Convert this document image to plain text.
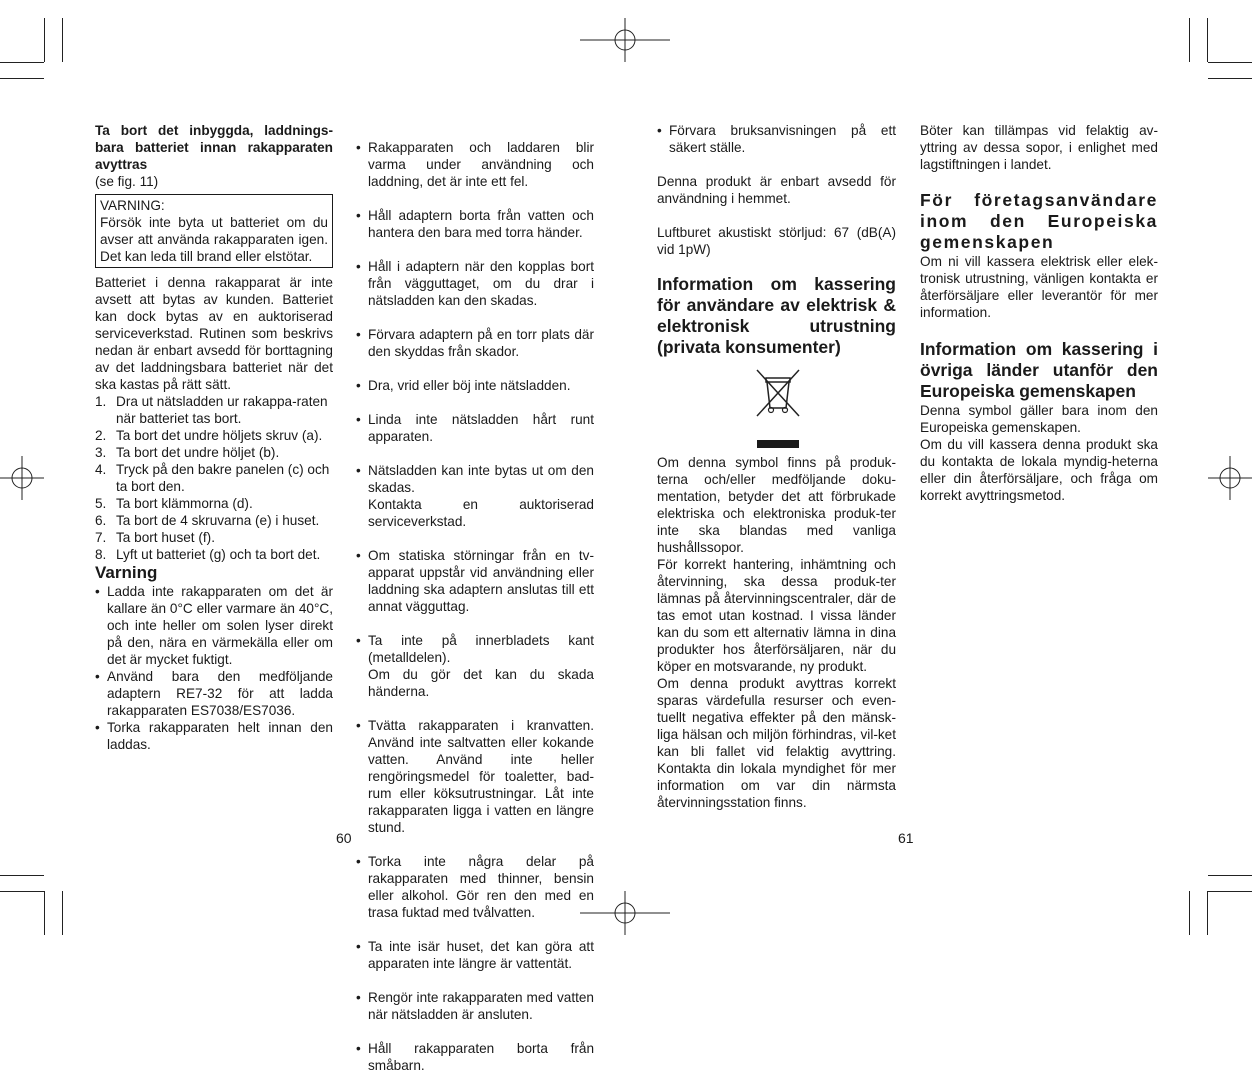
Ta bort det inbyggda, laddnings-bara batteriet innan rakapparaten avyttras

(se fig. 11)

VARNING:

Försök inte byta ut batteriet om du avser att använda rakapparaten igen. Det kan leda till brand eller elstötar.

Batteriet i denna rakapparat är inte avsett att bytas av kunden. Batteriet kan dock bytas av en auktoriserad serviceverkstad. Rutinen som beskrivs nedan är enbart avsedd för borttagning av det laddningsbara batteriet när det ska kastas på rätt sätt.

1. Dra ut nätsladden ur rakappa-raten när batteriet tas bort.
2. Ta bort det undre höljets skruv (a).
3. Ta bort det undre höljet (b).
4. Tryck på den bakre panelen (c) och ta bort den.
5. Ta bort klämmorna (d).
6. Ta bort de 4 skruvarna (e) i huset.
7. Ta bort huset (f).
8. Lyft ut batteriet (g) och ta bort det.

Varning

• Ladda inte rakapparaten om det är kallare än 0°C eller varmare än 40°C, och inte heller om solen lyser direkt på den, nära en värmekälla eller om det är mycket fuktigt.
• Använd bara den medföljande adaptern RE7-32 för att ladda rakapparaten ES7038/ES7036.
• Torka rakapparaten helt innan den laddas.

• Rakapparaten och laddaren blir varma under användning och laddning, det är inte ett fel.

• Håll adaptern borta från vatten och hantera den bara med torra händer.

• Håll i adaptern när den kopplas bort från vägguttaget, om du drar i nätsladden kan den skadas.

• Förvara adaptern på en torr plats där den skyddas från skador.

• Dra, vrid eller böj inte nätsladden.

• Linda inte nätsladden hårt runt apparaten.

• Nätsladden kan inte bytas ut om den skadas.
Kontakta en auktoriserad serviceverkstad.

• Om statiska störningar från en tv-apparat uppstår vid användning eller laddning ska adaptern anslutas till ett annat vägguttag.

• Ta inte på innerbladets kant (metalldelen).
Om du gör det kan du skada händerna.

• Tvätta rakapparaten i kranvatten. Använd inte saltvatten eller kokande vatten. Använd inte heller rengöringsmedel för toaletter, bad-rum eller köksutrustningar. Låt inte rakapparaten ligga i vatten en längre stund.

• Torka inte några delar på rakapparaten med thinner, bensin eller alkohol. Gör ren den med en trasa fuktad med tvålvatten.

• Ta inte isär huset, det kan göra att apparaten inte längre är vattentät.

• Rengör inte rakapparaten med vatten när nätsladden är ansluten.

• Håll rakapparaten borta från småbarn.

60
• Förvara bruksanvisningen på ett säkert ställe.

Denna produkt är enbart avsedd för användning i hemmet.

Luftburet akustiskt störljud: 67 (dB(A) vid 1pW)

Information om kassering för användare av elektrisk & elektronisk utrustning (privata konsumenter)

Om denna symbol finns på produk-terna och/eller medföljande doku-mentation, betyder det att förbrukade elektriska och elektroniska produk-ter inte ska blandas med vanliga hushållssopor.

För korrekt hantering, inhämtning och återvinning, ska dessa produk-ter lämnas på återvinningscentraler, där de tas emot utan kostnad. I vissa länder kan du som ett alternativ lämna in dina produkter hos återförsäljaren, när du köper en motsvarande, ny produkt.

Om denna produkt avyttras korrekt sparas värdefulla resurser och even-tuellt negativa effekter på den mänsk-liga hälsan och miljön förhindras, vil-ket kan bli fallet vid felaktig avyttring. Kontakta din lokala myndighet för mer information om var din närmsta återvinningsstation finns.

Böter kan tillämpas vid felaktig av-yttring av dessa sopor, i enlighet med lagstiftningen i landet.

För företagsanvändare inom den Europeiska gemenskapen

Om ni vill kassera elektrisk eller elek-tronisk utrustning, vänligen kontakta er återförsäljare eller leverantör för mer information.

Information om kassering i övriga länder utanför den Europeiska gemenskapen

Denna symbol gäller bara inom den Europeiska gemenskapen.

Om du vill kassera denna produkt ska du kontakta de lokala myndig-heterna eller din återförsäljare, och fråga om korrekt avyttringsmetod.

61
